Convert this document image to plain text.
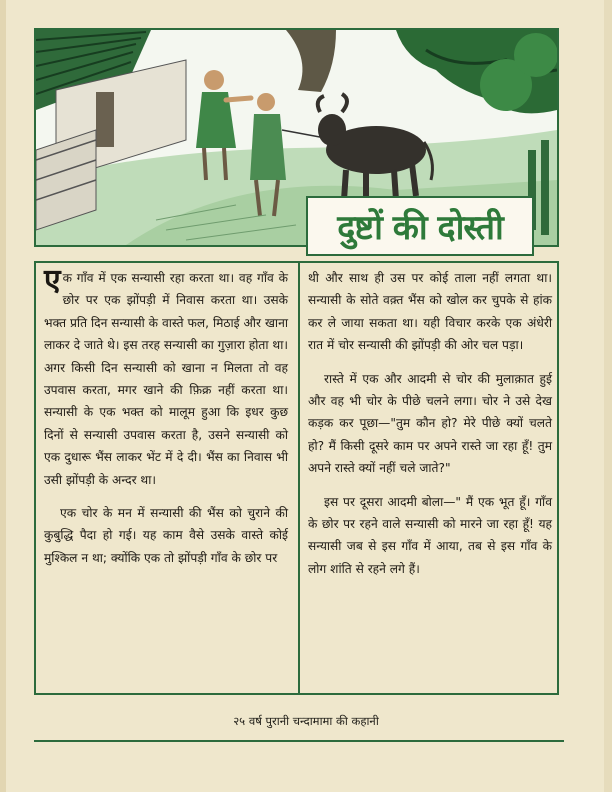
दुष्टों की दोस्ती

एक गाँव में एक सन्यासी रहा करता था। वह गाँव के छोर पर एक झोंपड़ी में निवास करता था। उसके भक्त प्रति दिन सन्यासी के वास्ते फल, मिठाई और खाना लाकर दे जाते थे। इस तरह सन्यासी का गुज़ारा होता था। अगर किसी दिन सन्यासी को खाना न मिलता तो वह उपवास करता, मगर खाने की फ़िक्र नहीं करता था। सन्यासी के एक भक्त को मालूम हुआ कि इधर कुछ दिनों से सन्यासी उपवास करता है, उसने सन्यासी को एक दुधारू भैंस लाकर भेंट में दे दी। भैंस का निवास भी उसी झोंपड़ी के अन्दर था।

एक चोर के मन में सन्यासी की भैंस को चुराने की कुबुद्धि पैदा हो गई। यह काम वैसे उसके वास्ते कोई मुश्किल न था; क्योंकि एक तो झोंपड़ी गाँव के छोर पर

थी और साथ ही उस पर कोई ताला नहीं लगता था। सन्यासी के सोते वक़्त भैंस को खोल कर चुपके से हांक कर ले जाया सकता था। यही विचार करके एक अंधेरी रात में चोर सन्यासी की झोंपड़ी की ओर चल पड़ा।

रास्ते में एक और आदमी से चोर की मुलाक़ात हुई और वह भी चोर के पीछे चलने लगा। चोर ने उसे देख कड़क कर पूछा—"तुम कौन हो? मेरे पीछे क्यों चलते हो? मैं किसी दूसरे काम पर अपने रास्ते जा रहा हूँ! तुम अपने रास्ते क्यों नहीं चले जाते?"

इस पर दूसरा आदमी बोला—" मैं एक भूत हूँ। गाँव के छोर पर रहने वाले सन्यासी को मारने जा रहा हूँ! यह सन्यासी जब से इस गाँव में आया, तब से इस गाँव के लोग शांति से रहने लगे हैं।

२५ वर्ष पुरानी चन्दामामा की कहानी
